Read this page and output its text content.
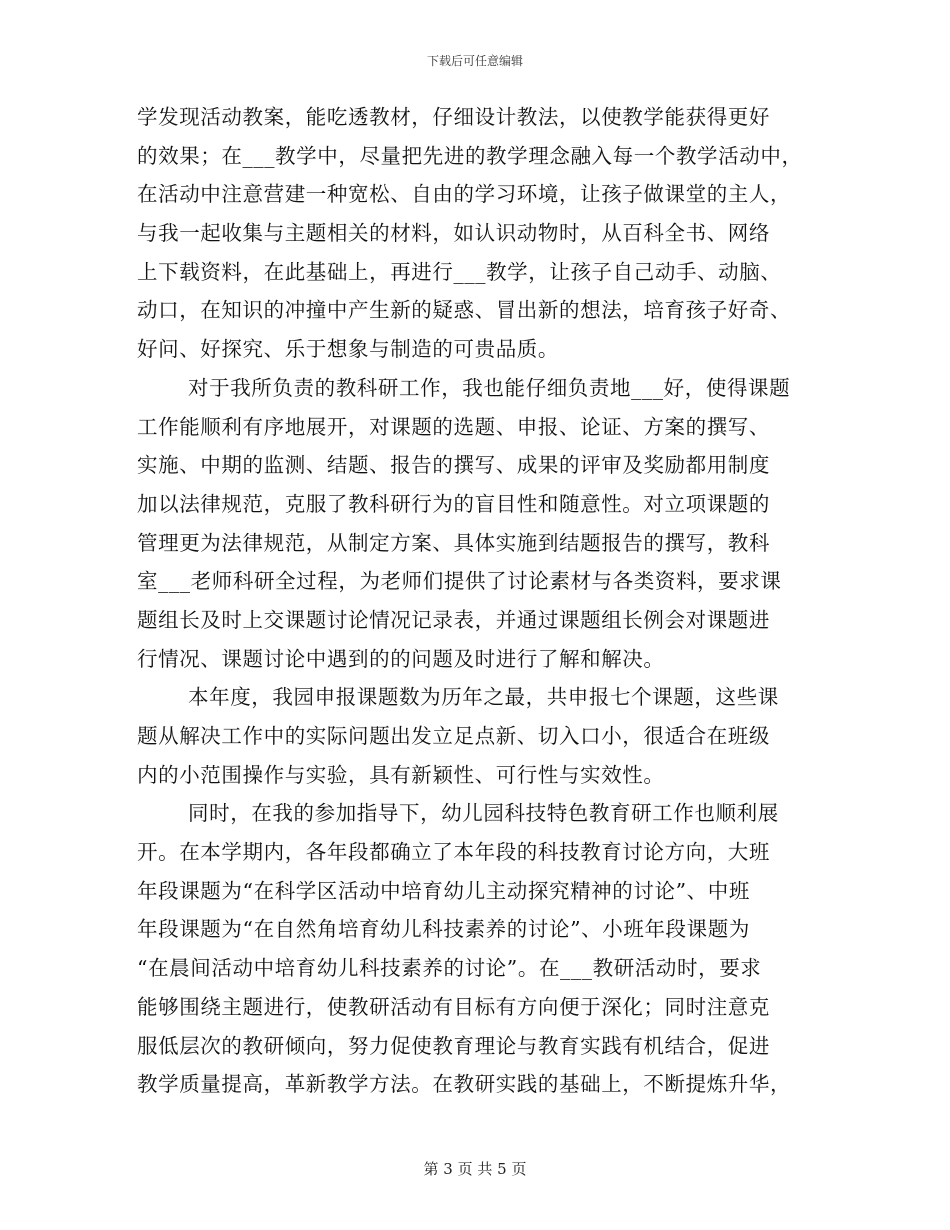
下载后可任意编辑
学发现活动教案，能吃透教材，仔细设计教法，以使教学能获得更好
的效果；在___教学中，尽量把先进的教学理念融入每一个教学活动中，
在活动中注意营建一种宽松、自由的学习环境，让孩子做课堂的主人，
与我一起收集与主题相关的材料，如认识动物时，从百科全书、网络
上下载资料，在此基础上，再进行___教学，让孩子自己动手、动脑、
动口，在知识的冲撞中产生新的疑惑、冒出新的想法，培育孩子好奇、
好问、好探究、乐于想象与制造的可贵品质。
对于我所负责的教科研工作，我也能仔细负责地___好，使得课题
工作能顺利有序地展开，对课题的选题、申报、论证、方案的撰写、
实施、中期的监测、结题、报告的撰写、成果的评审及奖励都用制度
加以法律规范，克服了教科研行为的盲目性和随意性。对立项课题的
管理更为法律规范，从制定方案、具体实施到结题报告的撰写，教科
室___老师科研全过程，为老师们提供了讨论素材与各类资料，要求课
题组长及时上交课题讨论情况记录表，并通过课题组长例会对课题进
行情况、课题讨论中遇到的的问题及时进行了解和解决。
本年度，我园申报课题数为历年之最，共申报七个课题，这些课
题从解决工作中的实际问题出发立足点新、切入口小，很适合在班级
内的小范围操作与实验，具有新颖性、可行性与实效性。
同时，在我的参加指导下，幼儿园科技特色教育研工作也顺利展
开。在本学期内，各年段都确立了本年段的科技教育讨论方向，大班
年段课题为“在科学区活动中培育幼儿主动探究精神的讨论”、中班
年段课题为“在自然角培育幼儿科技素养的讨论”、小班年段课题为
“在晨间活动中培育幼儿科技素养的讨论”。在___教研活动时，要求
能够围绕主题进行，使教研活动有目标有方向便于深化；同时注意克
服低层次的教研倾向，努力促使教育理论与教育实践有机结合，促进
教学质量提高，革新教学方法。在教研实践的基础上，不断提炼升华，
第 3 页 共 5 页
